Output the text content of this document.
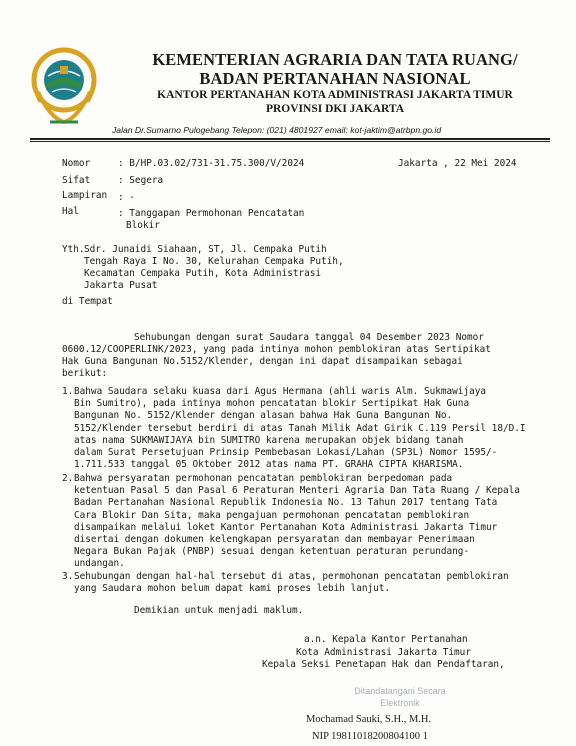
KEMENTERIAN AGRARIA DAN TATA RUANG/
BADAN PERTANAHAN NASIONAL
KANTOR PERTANAHAN KOTA ADMINISTRASI JAKARTA TIMUR
PROVINSI DKI JAKARTA
Jalan Dr.Sumarno Pulogebang Telepon: (021) 4801927 email: kot-jaktim@atrbpn.go.id
Nomor	: B/HP.03.02/731-31.75.300/V/2024	Jakarta , 22 Mei 2024
Sifat	: Segera
Lampiran : -
Hal	: Tanggapan Permohonan Pencatatan
Blokir
Yth. Sdr. Junaidi Siahaan, ST, Jl. Cempaka Putih
Tengah Raya I No. 30, Kelurahan Cempaka Putih,
Kecamatan Cempaka Putih, Kota Administrasi
Jakarta Pusat
di Tempat
Sehubungan dengan surat Saudara tanggal 04 Desember 2023 Nomor
0600.12/COOPERLINK/2023, yang pada intinya mohon pemblokiran atas Sertipikat
Hak Guna Bangunan No.5152/Klender, dengan ini dapat disampaikan sebagai
berikut:
1. Bahwa Saudara selaku kuasa dari Agus Hermana (ahli waris Alm. Sukmawijaya
Bin Sumitro), pada intinya mohon pencatatan blokir Sertipikat Hak Guna
Bangunan No. 5152/Klender dengan alasan bahwa Hak Guna Bangunan No.
5152/Klender tersebut berdiri di atas Tanah Milik Adat Girik C.119 Persil 18/D.I
atas nama SUKMAWIJAYA bin SUMITRO karena merupakan objek bidang tanah
dalam Surat Persetujuan Prinsip Pembebasan Lokasi/Lahan (SP3L) Nomor 1595/-
1.711.533 tanggal 05 Oktober 2012 atas nama PT. GRAHA CIPTA KHARISMA.
2. Bahwa persyaratan permohonan pencatatan pemblokiran berpedoman pada
ketentuan Pasal 5 dan Pasal 6 Peraturan Menteri Agraria Dan Tata Ruang / Kepala
Badan Pertanahan Nasional Republik Indonesia No. 13 Tahun 2017 tentang Tata
Cara Blokir Dan Sita, maka pengajuan permohonan pencatatan pemblokiran
disampaikan melalui loket Kantor Pertanahan Kota Administrasi Jakarta Timur
disertai dengan dokumen kelengkapan persyaratan dan membayar Penerimaan
Negara Bukan Pajak (PNBP) sesuai dengan ketentuan peraturan perundang-
undangan.
3. Sehubungan dengan hal-hal tersebut di atas, permohonan pencatatan pemblokiran
yang Saudara mohon belum dapat kami proses lebih lanjut.
Demikian untuk menjadi maklum.
a.n. Kepala Kantor Pertanahan
Kota Administrasi Jakarta Timur
Kepala Seksi Penetapan Hak dan Pendaftaran,
Ditandatangani Secara
Elektronik
Mochamad Sauki, S.H., M.H.
NIP 19811018200804100 1
